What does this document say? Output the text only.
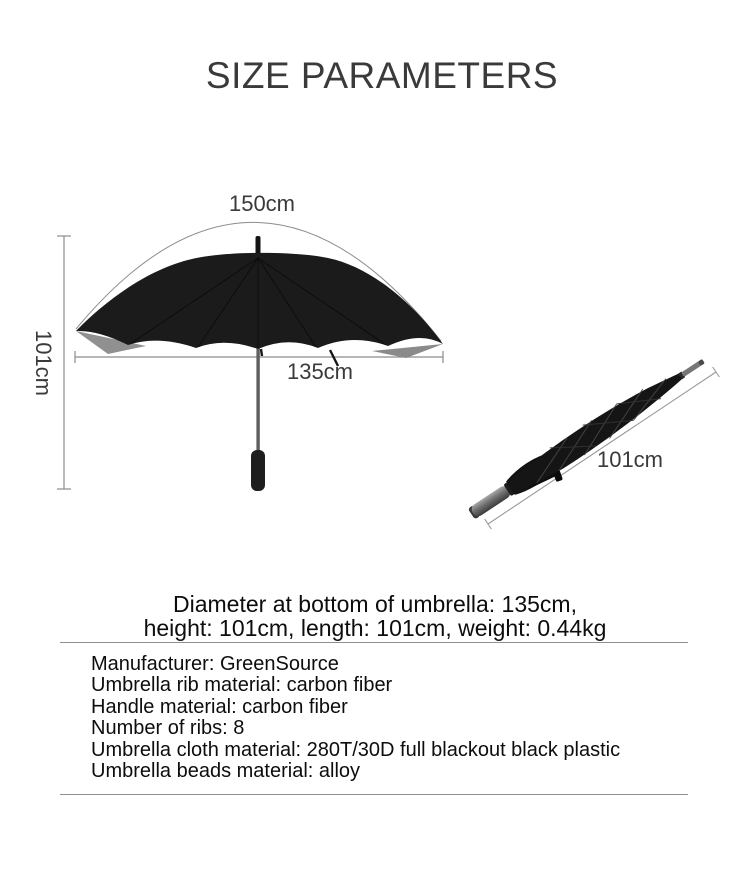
SIZE PARAMETERS
150cm
101cm	135cm
101cm
Diameter at bottom of umbrella: 135cm,
height: 101cm, length: 101cm, weight: 0.44kg
Manufacturer: GreenSource
Umbrella rib material: carbon fiber
Handle material: carbon fiber
Number of ribs: 8
Umbrella cloth material: 280T/30D full blackout black plastic
Umbrella beads material: alloy
